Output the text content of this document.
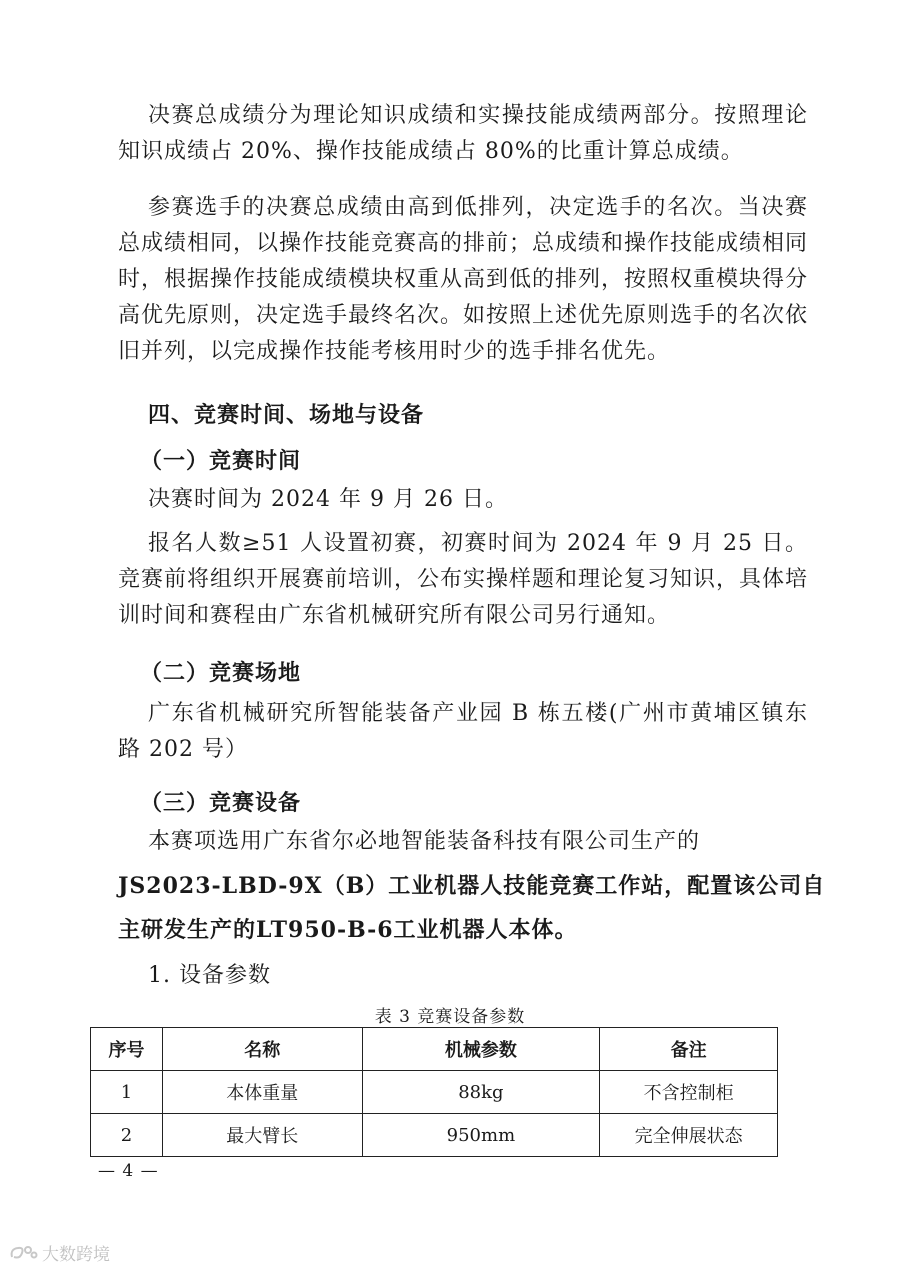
决赛总成绩分为理论知识成绩和实操技能成绩两部分。按照理论知识成绩占 20%、操作技能成绩占 80%的比重计算总成绩。

参赛选手的决赛总成绩由高到低排列，决定选手的名次。当决赛总成绩相同，以操作技能竞赛高的排前；总成绩和操作技能成绩相同时，根据操作技能成绩模块权重从高到低的排列，按照权重模块得分高优先原则，决定选手最终名次。如按照上述优先原则选手的名次依旧并列，以完成操作技能考核用时少的选手排名优先。

四、竞赛时间、场地与设备

（一）竞赛时间

决赛时间为 2024 年 9 月 26 日。

报名人数≥51 人设置初赛，初赛时间为 2024 年 9 月 25 日。竞赛前将组织开展赛前培训，公布实操样题和理论复习知识，具体培训时间和赛程由广东省机械研究所有限公司另行通知。

（二）竞赛场地

广东省机械研究所智能装备产业园 B 栋五楼(广州市黄埔区镇东路 202 号）

（三）竞赛设备

本赛项选用广东省尔必地智能装备科技有限公司生产的

JS2023-LBD-9X（B）工业机器人技能竞赛工作站，配置该公司自

主研发生产的LT950-B-6工业机器人本体。

1. 设备参数

表 3 竞赛设备参数
序号	名称	机械参数	备注
1	本体重量	88kg	不含控制柜
2	最大臂长	950mm	完全伸展状态
— 4 —
大数跨境
